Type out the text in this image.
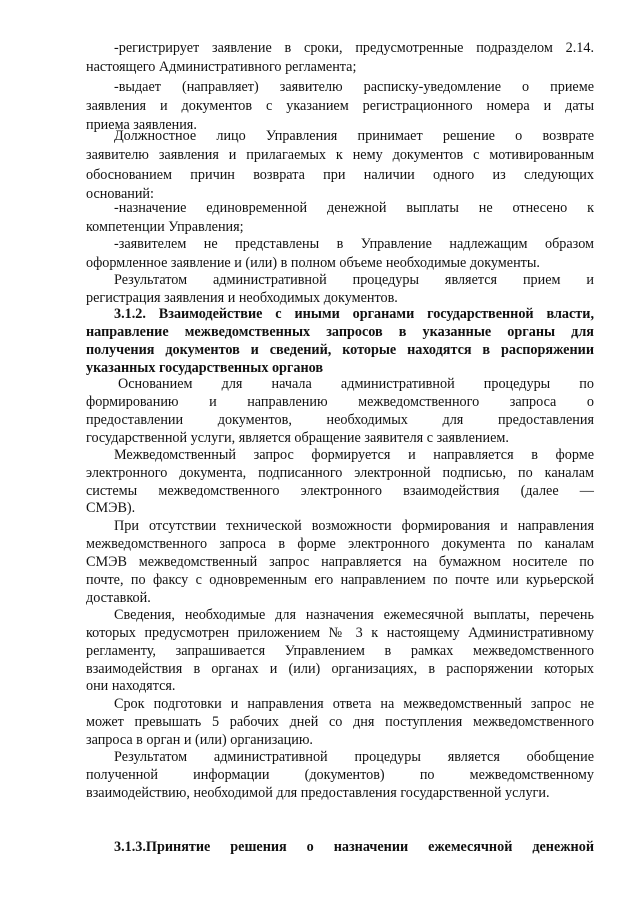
-регистрирует заявление в сроки, предусмотренные подразделом 2.14.
настоящего Административного регламента;
-выдает (направляет) заявителю расписку-уведомление о приеме
заявления и документов с указанием регистрационного номера и даты
приема заявления.
Должностное лицо Управления принимает решение о возврате
заявителю заявления и прилагаемых к нему документов с мотивированным
обоснованием причин возврата при наличии одного из следующих
оснований:
-назначение единовременной денежной выплаты не отнесено к
компетенции Управления;
-заявителем не представлены в Управление надлежащим образом
оформленное заявление и (или) в полном объеме необходимые документы.
Результатом административной процедуры является прием и
регистрация заявления и необходимых документов.
3.1.2. Взаимодействие с иными органами государственной власти,
направление межведомственных запросов в указанные органы для
получения документов и сведений, которые находятся в распоряжении
указанных государственных органов
Основанием для начала административной процедуры по
формированию и направлению межведомственного запроса о
предоставлении документов, необходимых для предоставления
государственной услуги, является обращение заявителя с заявлением.
Межведомственный запрос формируется и направляется в форме
электронного документа, подписанного электронной подписью, по каналам
системы межведомственного электронного взаимодействия (далее —
СМЭВ).
При отсутствии технической возможности формирования и направления
межведомственного запроса в форме электронного документа по каналам
СМЭВ межведомственный запрос направляется на бумажном носителе по
почте, по факсу с одновременным его направлением по почте или курьерской
доставкой.
Сведения, необходимые для назначения ежемесячной выплаты, перечень
которых предусмотрен приложением № 3 к настоящему Административному
регламенту, запрашивается Управлением в рамках межведомственного
взаимодействия в органах и (или) организациях, в распоряжении которых
они находятся.
Срок подготовки и направления ответа на межведомственный запрос не
может превышать 5 рабочих дней со дня поступления межведомственного
запроса в орган и (или) организацию.
Результатом административной процедуры является обобщение
полученной информации (документов) по межведомственному
взаимодействию, необходимой для предоставления государственной услуги.
3.1.3.Принятие решения о назначении ежемесячной денежной
